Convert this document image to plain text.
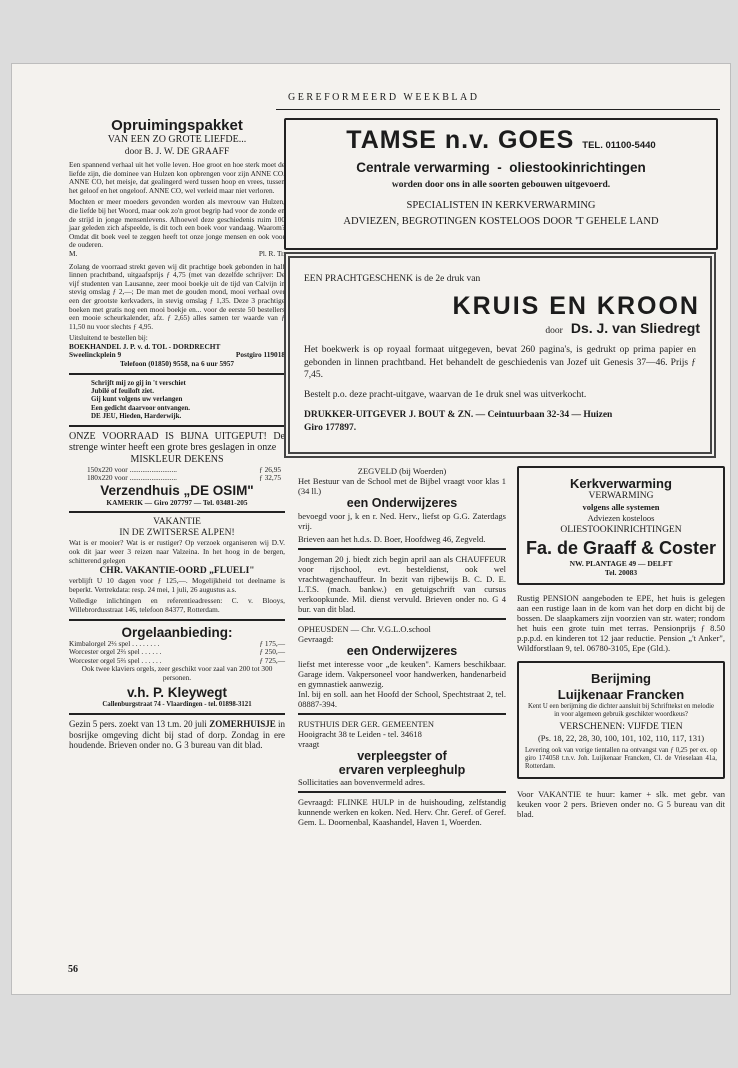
GEREFORMEERD WEEKBLAD
Opruimingspakket
VAN EEN ZO GROTE LIEFDE...
door B. J. W. DE GRAAFF
Een spannend verhaal uit het volle leven. Hoe groot en hoe sterk moet de liefde zijn, die dominee van Hulzen kon opbrengen voor zijn ANNE CO. ANNE CO, het meisje, dat gealingerd werd tussen hoop en vrees, tussen het geloof en het ongeloof. ANNE CO, wel verleid maar niet verloren.
Mochten er meer moeders gevonden worden als mevrouw van Hulzen, die liefde bij het Woord, maar ook zo'n groot begrip had voor de zonde en de strijd in jonge mensenlevens. Alhoewel deze geschiedenis ruim 100 jaar geleden zich afspeelde, is dit toch een boek voor vandaag. Waarom? Omdat dit boek veel te zeggen heeft tot onze jonge mensen en ook voor de ouderen.
M.	Pl. R. Tr.
Zolang de voorraad strekt geven wij dit prachtige boek gebonden in half linnen prachtband, uitgaafsprijs ƒ 4,75 (met van dezelfde schrijver: De vijf studenten van Lausanne, zeer mooi boekje uit de tijd van Calvijn in stevig omslag ƒ 2,—; De man met de gouden mond, mooi verhaal over een der grootste kerkvaders, in stevig omslag ƒ 1,35. Deze 3 prachtige boeken met gratis nog een mooi boekje en... voor de eerste 50 bestellers een mooie scheurkalender, afz. ƒ 2,65) alles samen ter waarde van ƒ 11,50 nu voor slechts ƒ 4,95.
Uitsluitend te bestellen bij:
BOEKHANDEL J. P. v. d. TOL - DORDRECHT
Sweelinckplein 9	Postgiro 119018
Telefoon (01850) 9558, na 6 uur 5957
Schrijft mij zo gij in 't verschiet
Jubilé of feuiloft ziet.
Gij kunt volgens uw verlangen
Een gedicht daarvoor ontvangen.
DE JEU, Hieden, Harderwijk.
ONZE VOORRAAD IS BIJNA UITGEPUT! De strenge winter heeft een grote bres geslagen in onze
MISKLEUR DEKENS
150x220 voor ..........................	ƒ 26,95
180x220 voor ..........................	ƒ 32,75
Verzendhuis „DE OSIM"
KAMERIK — Giro 207797 — Tel. 03481-205
VAKANTIE
IN DE ZWITSERSE ALPEN!
Wat is er mooier? Wat is er rustiger? Op verzoek organiseren wij D.V. ook dit jaar weer 3 reizen naar Valzeina. In het hoog in de bergen, schitterend gelegen
CHR. VAKANTIE-OORD „FLUELI"
verblijft U 10 dagen voor ƒ 125,—. Mogelijkheid tot deelname is beperkt. Vertrekdata: resp. 24 mei, 1 juli, 26 augustus a.s.
Volledige inlichtingen en referentieadressen: C. v. Blooys, Willebrordusstraat 146, telefoon 84377, Rotterdam.
Orgelaanbieding:
Kimbalorgel 2⅔ spel . . . . . . . .	ƒ 175,—
Worcester orgel 2⅔ spel . . . . . .	ƒ 250,—
Worcester orgel 5⅔ spel . . . . . .	ƒ 725,—
Ook twee klaviers orgels, zeer geschikt voor zaal van 200 tot 300 personen.
v.h. P. Kleywegt
Callenburgstraat 74 - Vlaardingen - tel. 01898-3121
Gezin 5 pers. zoekt van 13 t.m. 20 juli ZOMERHUISJE in bosrijke omgeving dicht bij stad of dorp. Zondag in ere houdende. Brieven onder no. G 3 bureau van dit blad.
56
TAMSE n.v. GOES TEL. 01100-5440
Centrale verwarming  -  oliestookinrichtingen
worden door ons in alle soorten gebouwen uitgevoerd.
SPECIALISTEN IN KERKVERWARMING
ADVIEZEN, BEGROTINGEN KOSTELOOS DOOR 'T GEHELE LAND
EEN PRACHTGESCHENK is de 2e druk van
KRUIS EN KROON
door Ds. J. van Sliedregt
Het boekwerk is op royaal formaat uitgegeven, bevat 260 pagina's, is gedrukt op prima papier en gebonden in linnen prachtband. Het behandelt de geschiedenis van Jozef uit Genesis 37—46. Prijs ƒ 7,45.
Bestelt p.o. deze pracht-uitgave, waarvan de 1e druk snel was uitverkocht.
DRUKKER-UITGEVER J. BOUT & ZN. — Ceintuurbaan 32-34 — Huizen
Giro 177897.
ZEGVELD (bij Woerden)
Het Bestuur van de School met de Bijbel vraagt voor klas 1 (34 ll.)
een Onderwijzeres
bevoegd voor j, k en r. Ned. Herv., liefst op G.G. Zaterdags vrij.
Brieven aan het h.d.s. D. Boer, Hoofdweg 46, Zegveld.
Jongeman 20 j. biedt zich begin april aan als CHAUFFEUR voor rijschool, evt. besteldienst, ook wel vrachtwagenchauffeur. In bezit van rijbewijs B. C. D. E. L.T.S. (mach. bankw.) en getuigschrift van cursus verkoopkunde. Mil. dienst vervuld. Brieven onder no. G 4 bur. van dit blad.
OPHEUSDEN — Chr. V.G.L.O.school
Gevraagd:
een Onderwijzeres
liefst met interesse voor „de keuken". Kamers beschikbaar. Garage idem. Vakpersoneel voor handwerken, handenarbeid en gymnastiek aanwezig.
Inl. bij en soll. aan het Hoofd der School, Spechtstraat 2, tel. 08887-394.
RUSTHUIS DER GER. GEMEENTEN
Hooigracht 38 te Leiden - tel. 34618
vraagt
verpleegster of
ervaren verpleeghulp
Sollicitaties aan bovenvermeld adres.
Gevraagd: FLINKE HULP in de huishouding, zelfstandig kunnende werken en koken. Ned. Herv. Chr. Geref. of Geref. Gem. L. Doornenbal, Kaashandel, Haven 1, Woerden.
Kerkverwarming
VERWARMING
volgens alle systemen
Adviezen kosteloos
OLIESTOOKINRICHTINGEN
Fa. de Graaff & Coster
NW. PLANTAGE 49 — DELFT
Tel. 20083
Rustig PENSION aangeboden te EPE, het huis is gelegen aan een rustige laan in de kom van het dorp en dicht bij de bossen. De slaapkamers zijn voorzien van str. water; rondom het huis een grote tuin met terras. Pensionprijs ƒ 8.50 p.p.p.d. en kinderen tot 12 jaar reductie. Pension „'t Anker", Wildforstlaan 9, tel. 06780-3105, Epe (Gld.).
Berijming
Luijkenaar Francken
Kent U een berijming die dichter aansluit bij Schrifttekst en melodie in voor algemeen gebruik geschikter woordkeus?
VERSCHENEN: VIJFDE TIEN
(Ps. 18, 22, 28, 30, 100, 101, 102, 110, 117, 131)
Levering ook van vorige tientallen na ontvangst van ƒ 0,25 per ex. op giro 174058 t.n.v. Joh. Luijkenaar Francken, Cl. de Vrieselaan 41a, Rotterdam.
Voor VAKANTIE te huur: kamer + slk. met gebr. van keuken voor 2 pers. Brieven onder no. G 5 bureau van dit blad.
